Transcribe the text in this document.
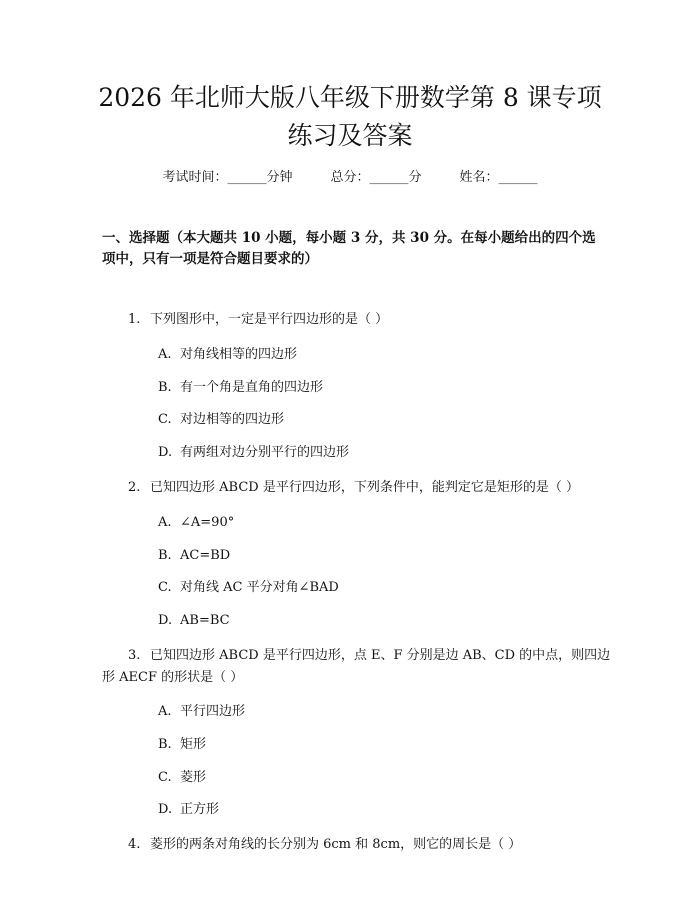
2026 年北师大版八年级下册数学第 8 课专项
练习及答案
考试时间：______分钟	总分：______分	姓名：______
一、选择题（本大题共 10 小题，每小题 3 分，共 30 分。在每小题给出的四个选
项中，只有一项是符合题目要求的）
1. 下列图形中，一定是平行四边形的是（ ）
A. 对角线相等的四边形
B. 有一个角是直角的四边形
C. 对边相等的四边形
D. 有两组对边分别平行的四边形
2. 已知四边形 ABCD 是平行四边形，下列条件中，能判定它是矩形的是（ ）
A. ∠A=90°
B. AC=BD
C. 对角线 AC 平分对角∠BAD
D. AB=BC
3. 已知四边形 ABCD 是平行四边形，点 E、F 分别是边 AB、CD 的中点，则四边
形 AECF 的形状是（ ）
A. 平行四边形
B. 矩形
C. 菱形
D. 正方形
4. 菱形的两条对角线的长分别为 6cm 和 8cm，则它的周长是（ ）
